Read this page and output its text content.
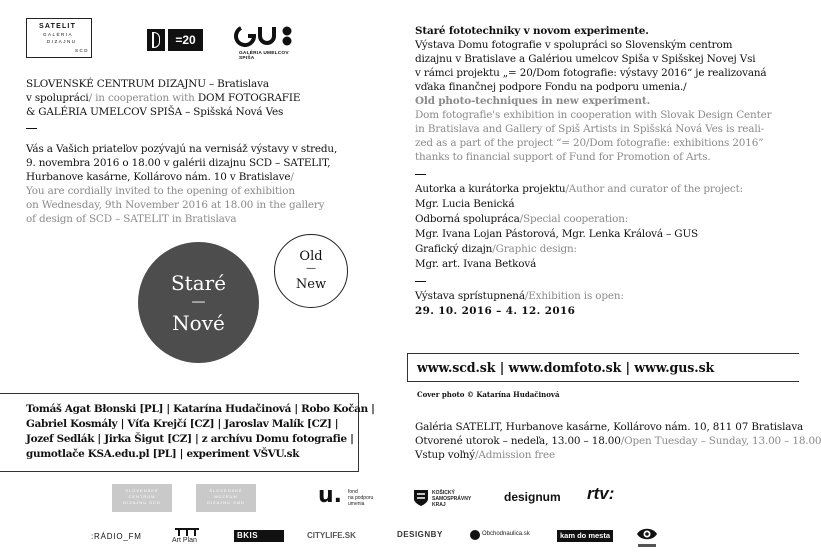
SATELIT
GALÉRIA
DIZAJNU
SCD
=20
GALÉRIA UMELCOV SPIŠA
SLOVENSKÉ CENTRUM DIZAJNU – Bratislava
v spolupráci/ in cooperation with DOM FOTOGRAFIE
& GALÉRIA UMELCOV SPIŠA – Spišská Nová Ves
Vás a Vašich priateľov pozývajú na vernisáž výstavy v stredu,
9. novembra 2016 o 18.00 v galérii dizajnu SCD – SATELIT,
Hurbanove kasárne, Kollárovo nám. 10 v Bratislave/
You are cordially invited to the opening of exhibition
on Wednesday, 9th November 2016 at 18.00 in the gallery
of design of SCD – SATELIT in Bratislava
Staré
—
Nové
Old
—
New
Tomáš Agat Błonski [PL] | Katarína Hudačinová | Robo Kočan |
Gabriel Kosmály | Víťa Krejčí [CZ] | Jaroslav Malík [CZ] |
Jozef Sedlák | Jirka Šigut [CZ] | z archívu Domu fotografie |
gumotlače KSA.edu.pl [PL] | experiment VŠVU.sk
Staré fototechniky v novom experimente.
Výstava Domu fotografie v spolupráci so Slovenským centrom
dizajnu v Bratislave a Galériou umelcov Spiša v Spišskej Novej Vsi
v rámci projektu „= 20/Dom fotografie: výstavy 2016“ je realizovaná
vďaka finančnej podpore Fondu na podporu umenia./
Old photo-techniques in new experiment.
Dom fotografie's exhibition in cooperation with Slovak Design Center
in Bratislava and Gallery of Spiš Artists in Spišská Nová Ves is reali-
zed as a part of the project “= 20/Dom fotografie: exhibitions 2016”
thanks to financial support of Fund for Promotion of Arts.
Autorka a kurátorka projektu/Author and curator of the project:
Mgr. Lucia Benická
Odborná spolupráca/Special cooperation:
Mgr. Ivana Lojan Pástorová, Mgr. Lenka Králová – GUS
Grafický dizajn/Graphic design:
Mgr. art. Ivana Betková
Výstava sprístupnená/Exhibition is open:
29. 10. 2016 – 4. 12. 2016
www.scd.sk | www.domfoto.sk | www.gus.sk
Cover photo © Katarína Hudačinová
Galéria SATELIT, Hurbanove kasárne, Kollárovo nám. 10, 811 07 Bratislava
Otvorené utorok – nedeľa, 13.00 – 18.00/Open Tuesday – Sunday, 13.00 – 18.00
Vstup voľný/Admission free
SLOVENSKÉ CENTRUM DIZAJNU SCD
SLOVENSKÉ MÚZEUM DIZAJNU SMD	u. fond
na podporu
umenia
KOŠICKÝ
SAMOSPRÁVNY
KRAJ
designum rtv:
:RÁDIO_FM	Art Plan
BKIS	CITYLIFE.SK	DESIGNBY	Obchodnaulica.sk	kam do mesta
